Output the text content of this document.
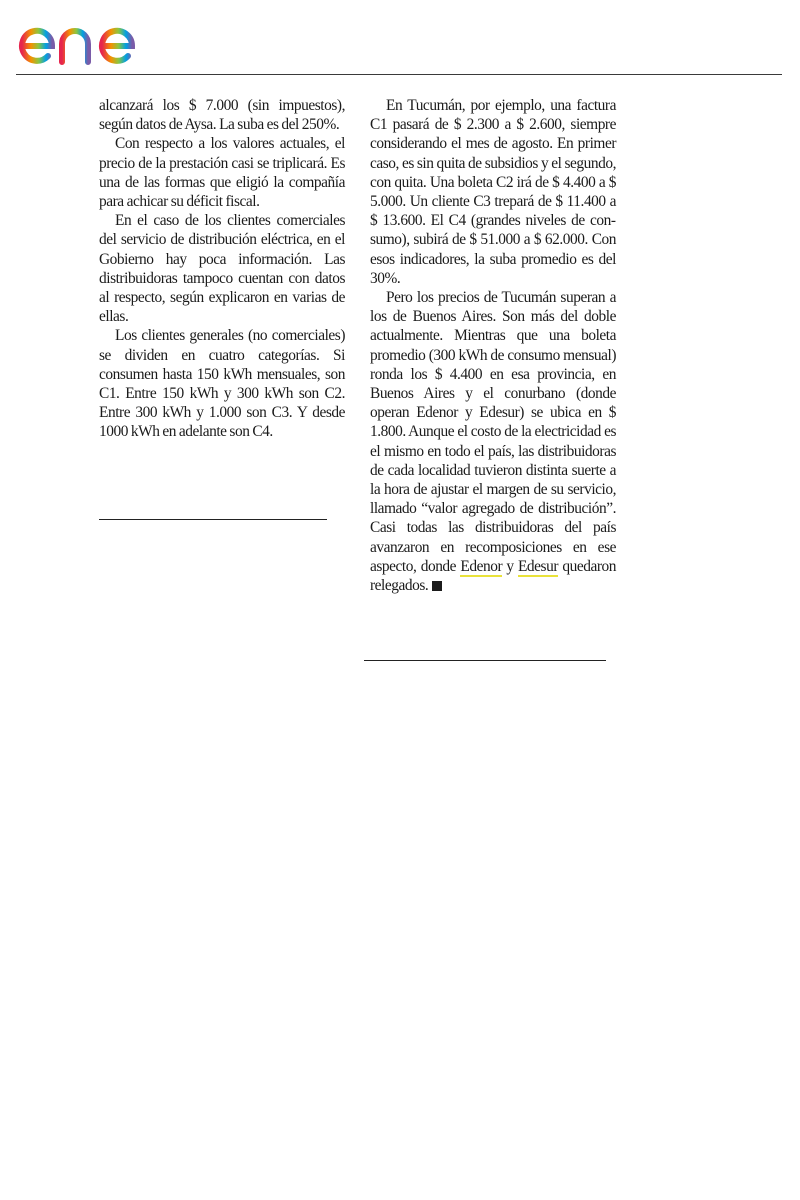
alcanzará los $ 7.000 (sin impuestos), según datos de Aysa. La suba es del 250%.

Con respecto a los valores actuales, el precio de la prestación casi se triplicará. Es una de las formas que eligió la compañía para achicar su déficit fiscal.

En el caso de los clientes comerciales del servicio de distribución eléctrica, en el Gobierno hay poca información. Las distribuidoras tampoco cuentan con datos al respecto, según explicaron en varias de ellas.

Los clientes generales (no comerciales) se dividen en cuatro categorías. Si consumen hasta 150 kWh mensuales, son C1. Entre 150 kWh y 300 kWh son C2. Entre 300 kWh y 1.000 son C3. Y desde 1000 kWh en adelante son C4.

En Tucumán, por ejemplo, una factura C1 pasará de $ 2.300 a $ 2.600, siempre considerando el mes de agosto. En primer caso, es sin quita de subsidios y el segundo, con quita. Una boleta C2 irá de $ 4.400 a $ 5.000. Un cliente C3 trepará de $ 11.400 a $ 13.600. El C4 (grandes niveles de consumo), subirá de $ 51.000 a $ 62.000. Con esos indicadores, la suba promedio es del 30%.

Pero los precios de Tucumán superan a los de Buenos Aires. Son más del doble actualmente. Mientras que una boleta promedio (300 kWh de consumo mensual) ronda los $ 4.400 en esa provincia, en Buenos Aires y el conurbano (donde operan Edenor y Edesur) se ubica en $ 1.800. Aunque el costo de la electricidad es el mismo en todo el país, las distribuidoras de cada localidad tuvieron distinta suerte a la hora de ajustar el margen de su servicio, llamado “valor agregado de distribución”. Casi todas las distribuidoras del país avanzaron en recomposiciones en ese aspecto, donde Edenor y Edesur quedaron relegados.
